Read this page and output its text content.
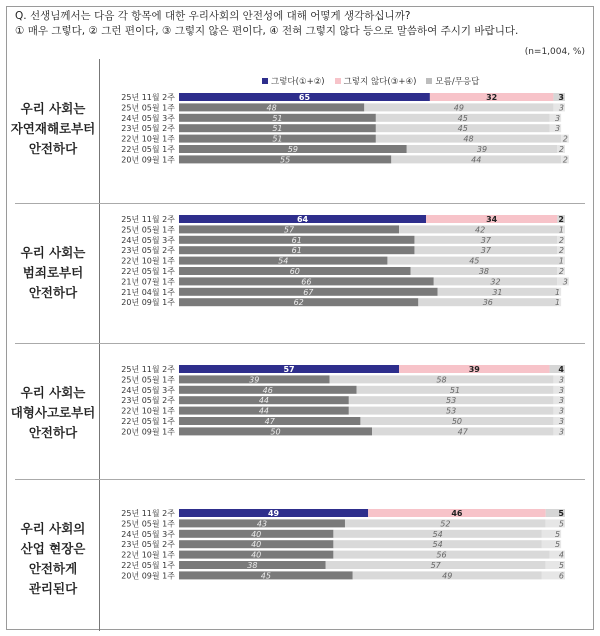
Q. 선생님께서는 다음 각 항목에 대한 우리사회의 안전성에 대해 어떻게 생각하십니까?
① 매우 그렇다, ② 그런 편이다, ③ 그렇지 않은 편이다, ④ 전혀 그렇지 않다 등으로 말씀하여 주시기 바랍니다.
(n=1,004, %)
그렇다(①+②) 그렇지 않다(③+④) 모름/무응답
우리 사회는
자연재해로부터
안전하다
우리 사회는
범죄로부터
안전하다
우리 사회는
대형사고로부터
안전하다
우리 사회의
산업 현장은
안전하게
관리된다
25년 11월 2주	65	32	3
25년 05월 1주	48	49	3
24년 05월 3주	51	45	3
23년 05월 2주	51	45	3
22년 10월 1주	51	48	2
22년 05월 1주	59	39	2
20년 09월 1주	55	44	2
25년 11월 2주	64	34	2
25년 05월 1주	57	42	1
24년 05월 3주	61	37	2
23년 05월 2주	61	37	2
22년 10월 1주	54	45	1
22년 05월 1주	60	38	2
21년 07월 1주	66	32	3
21년 04월 1주	67	31	1
20년 09월 1주	62	36	1
25년 11월 2주	57	39	4
25년 05월 1주	39	58	3
24년 05월 3주	46	51	3
23년 05월 2주	44	53	3
22년 10월 1주	44	53	3
22년 05월 1주	47	50	3
20년 09월 1주	50	47	3
25년 11월 2주	49	46	5
25년 05월 1주	43	52	5
24년 05월 3주	40	54	5
23년 05월 2주	40	54	5
22년 10월 1주	40	56	4
22년 05월 1주	38	57	5
20년 09월 1주	45	49	6
